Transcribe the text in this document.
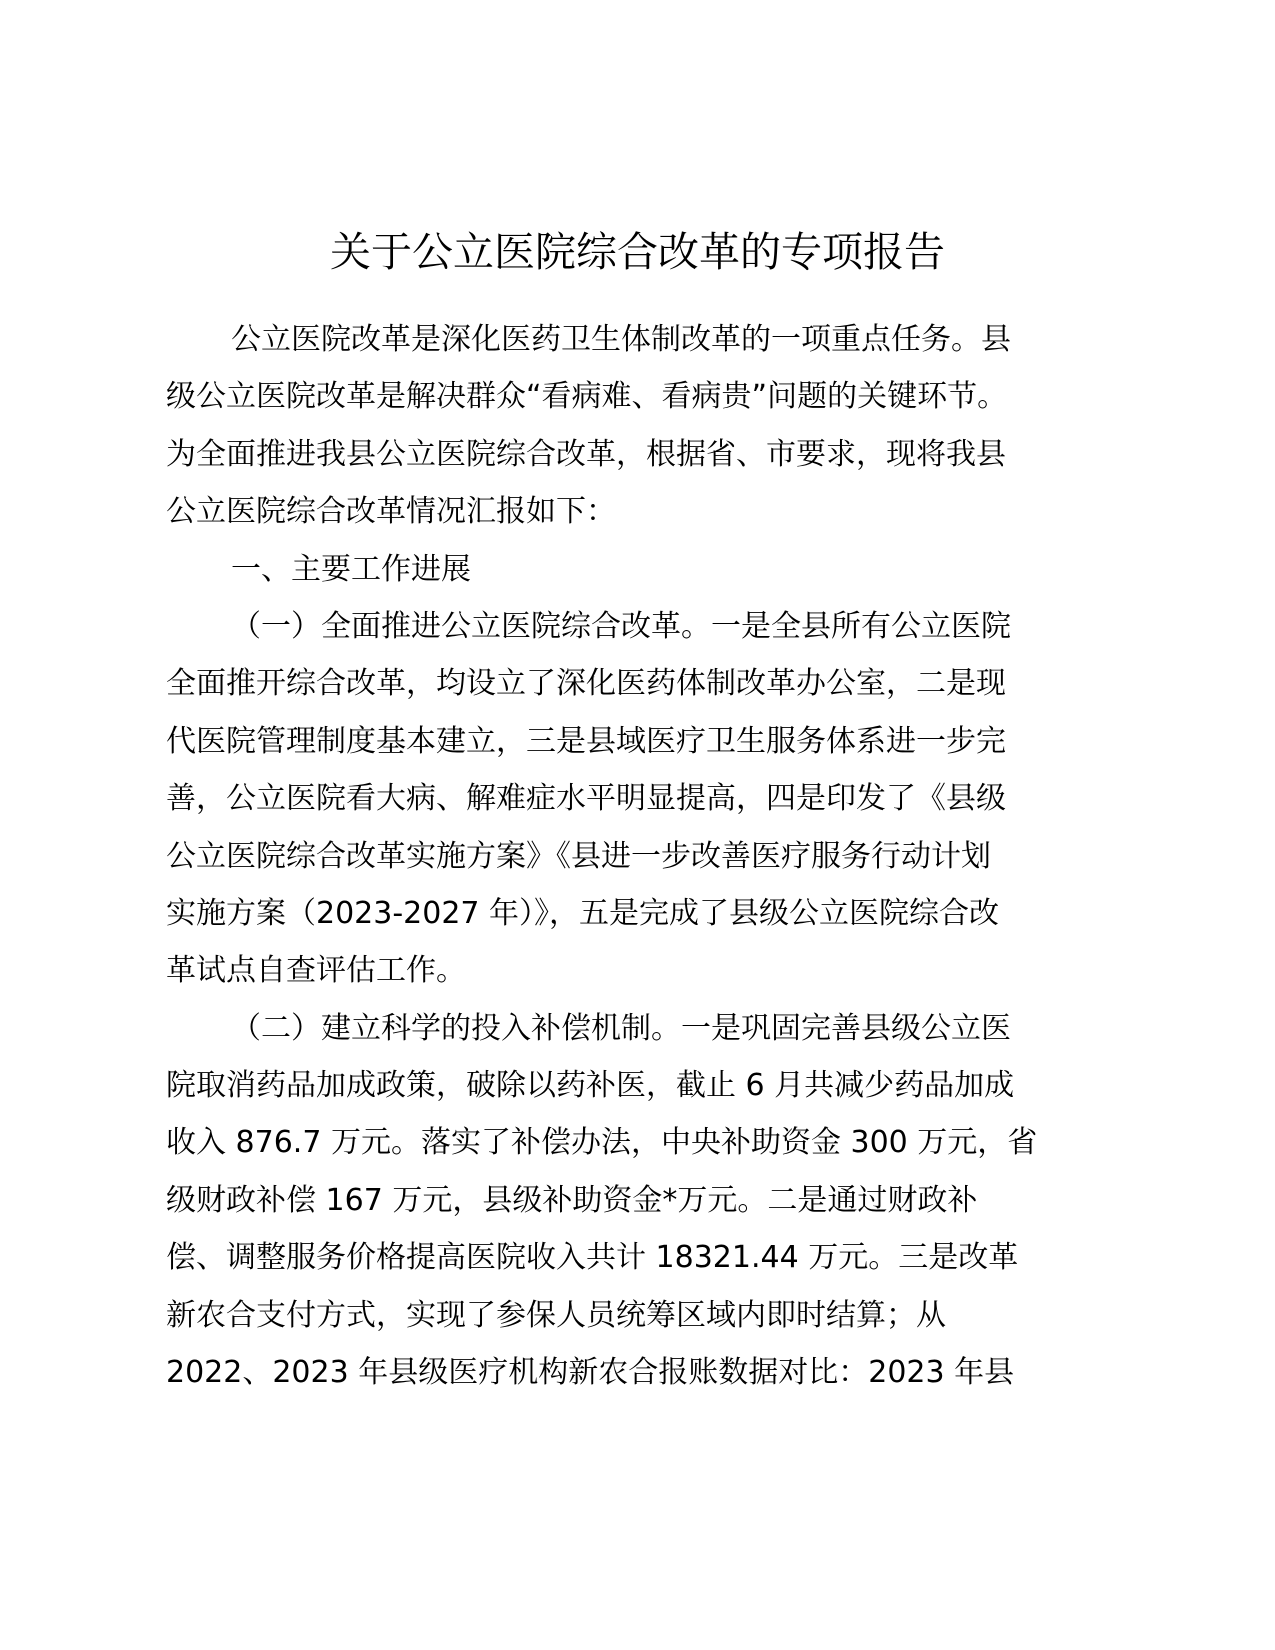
关于公立医院综合改革的专项报告
公立医院改革是深化医药卫生体制改革的一项重点任务。县
级公立医院改革是解决群众“看病难、看病贵”问题的关键环节。
为全面推进我县公立医院综合改革，根据省、市要求，现将我县
公立医院综合改革情况汇报如下：
一、主要工作进展
（一）全面推进公立医院综合改革。一是全县所有公立医院
全面推开综合改革，均设立了深化医药体制改革办公室，二是现
代医院管理制度基本建立，三是县域医疗卫生服务体系进一步完
善，公立医院看大病、解难症水平明显提高，四是印发了《县级
公立医院综合改革实施方案》《县进一步改善医疗服务行动计划
实施方案（2023-2027 年）》，五是完成了县级公立医院综合改
革试点自查评估工作。
（二）建立科学的投入补偿机制。一是巩固完善县级公立医
院取消药品加成政策，破除以药补医，截止 6 月共减少药品加成
收入 876.7 万元。落实了补偿办法，中央补助资金 300 万元，省
级财政补偿 167 万元，县级补助资金*万元。二是通过财政补
偿、调整服务价格提高医院收入共计 18321.44 万元。三是改革
新农合支付方式，实现了参保人员统筹区域内即时结算；从
2022、2023 年县级医疗机构新农合报账数据对比：2023 年县
